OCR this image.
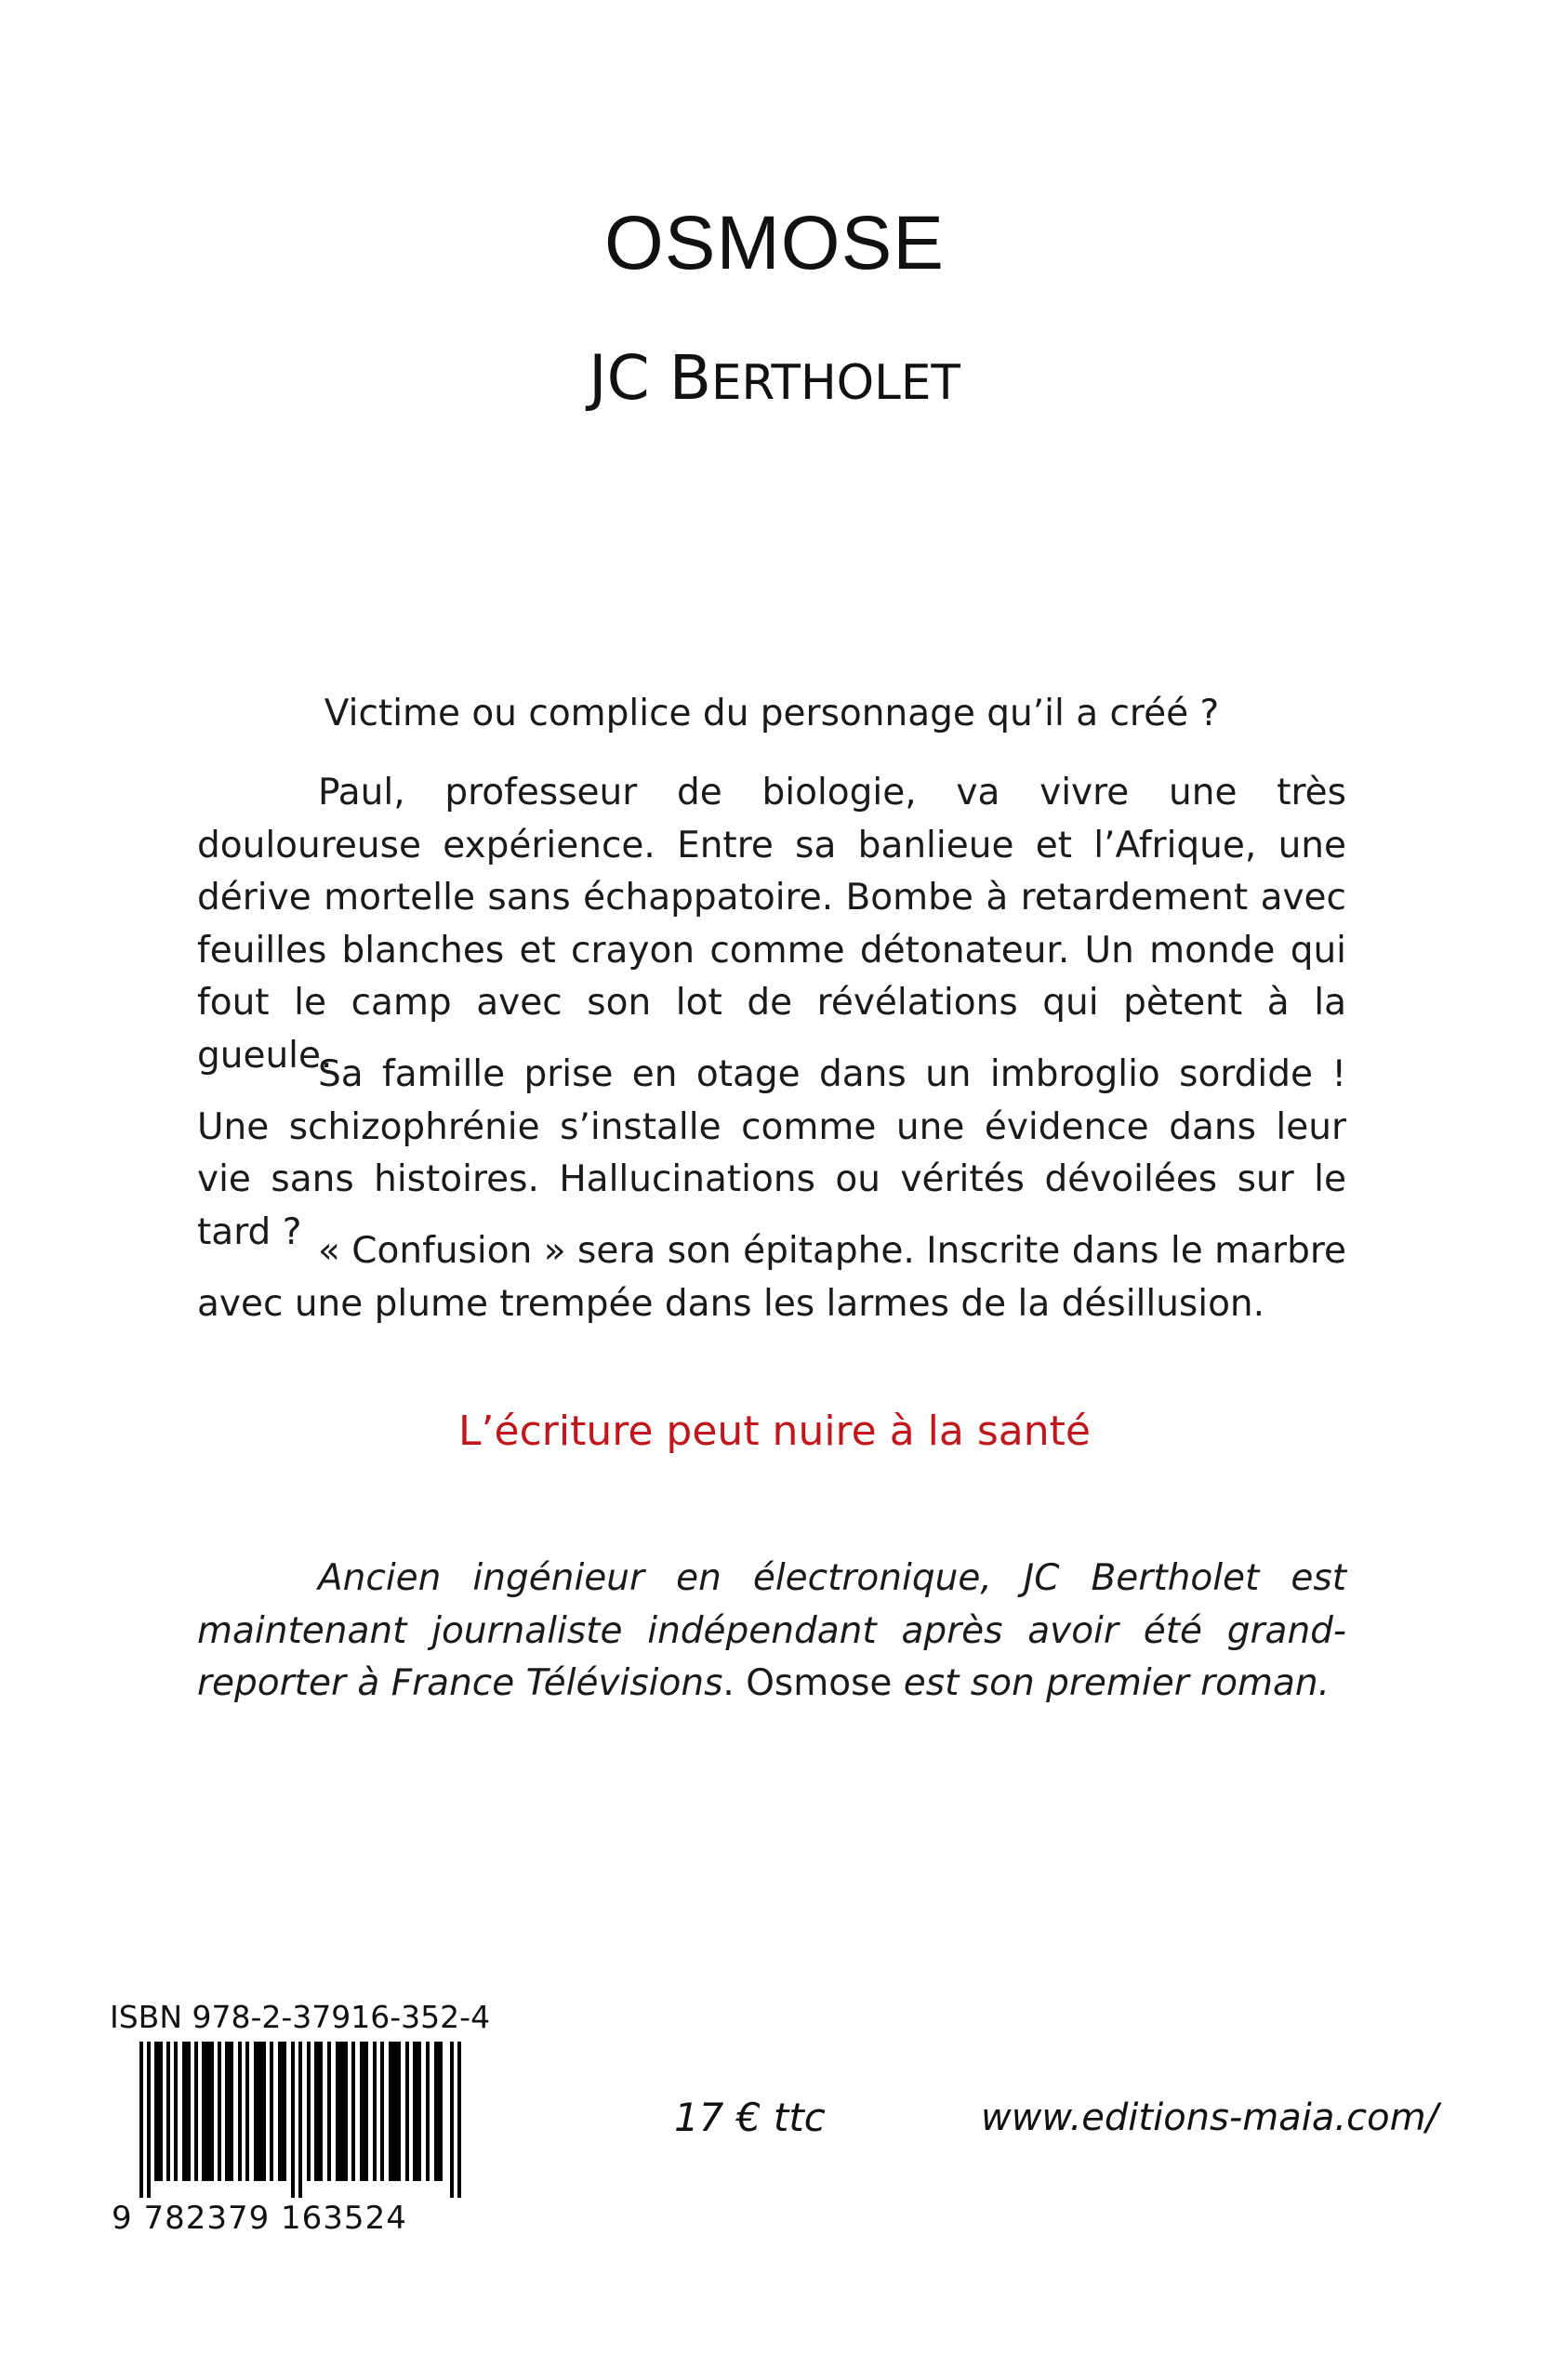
OSMOSE
JC BERTHOLET
Victime ou complice du personnage qu’il a créé ?

Paul, professeur de biologie, va vivre une très douloureuse expérience. Entre sa banlieue et l’Afrique, une dérive mortelle sans échappatoire. Bombe à retardement avec feuilles blanches et crayon comme détonateur. Un monde qui fout le camp avec son lot de révélations qui pètent à la gueule.

Sa famille prise en otage dans un imbroglio sordide ! Une schizophrénie s’installe comme une évidence dans leur vie sans histoires. Hallucinations ou vérités dévoilées sur le tard ? « Confusion » sera son épitaphe. Inscrite dans le marbre avec une plume trempée dans les larmes de la désillusion.

L’écriture peut nuire à la santé

Ancien ingénieur en électronique, JC Bertholet est maintenant journaliste indépendant après avoir été grand-reporter à France Télévisions. Osmose est son premier roman.

ISBN 978-2-37916-352-4
9 782379 163524
17 € ttc	www.editions-maia.com/
